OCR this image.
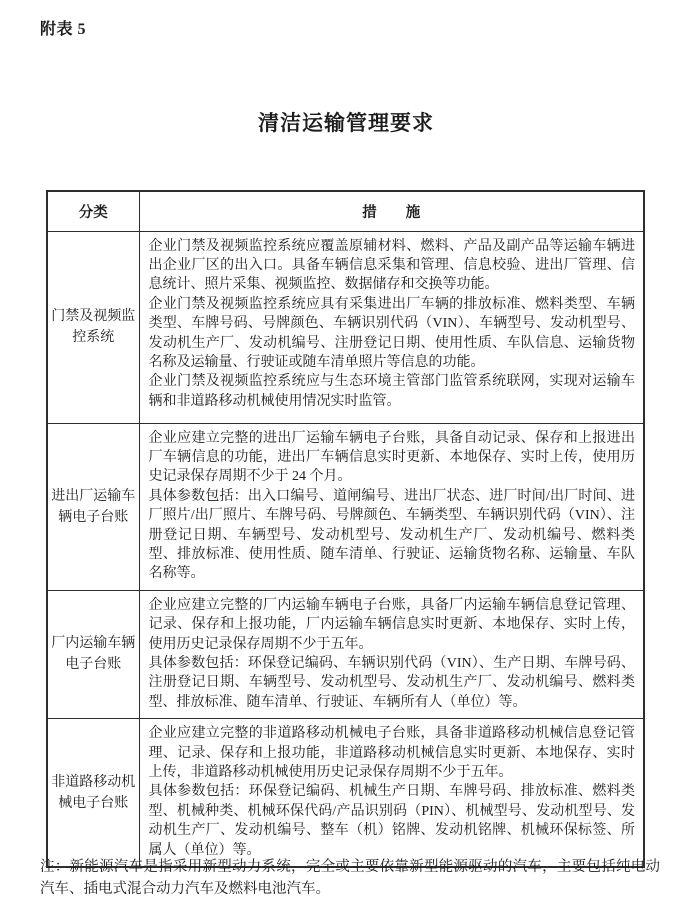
附表 5
清洁运输管理要求
分类	措　　施
门禁及视频监控系统	企业门禁及视频监控系统应覆盖原辅材料、燃料、产品及副产品等运输车辆进出企业厂区的出入口。具备车辆信息采集和管理、信息校验、进出厂管理、信息统计、照片采集、视频监控、数据储存和交换等功能。

企业门禁及视频监控系统应具有采集进出厂车辆的排放标准、燃料类型、车辆类型、车牌号码、号牌颜色、车辆识别代码（VIN）、车辆型号、发动机型号、发动机生产厂、发动机编号、注册登记日期、使用性质、车队信息、运输货物名称及运输量、行驶证或随车清单照片等信息的功能。

企业门禁及视频监控系统应与生态环境主管部门监管系统联网，实现对运输车辆和非道路移动机械使用情况实时监管。

进出厂运输车辆电子台账	企业应建立完整的进出厂运输车辆电子台账，具备自动记录、保存和上报进出厂车辆信息的功能，进出厂车辆信息实时更新、本地保存、实时上传，使用历史记录保存周期不少于 24 个月。

具体参数包括：出入口编号、道闸编号、进出厂状态、进厂时间/出厂时间、进厂照片/出厂照片、车牌号码、号牌颜色、车辆类型、车辆识别代码（VIN）、注册登记日期、车辆型号、发动机型号、发动机生产厂、发动机编号、燃料类型、排放标准、使用性质、随车清单、行驶证、运输货物名称、运输量、车队名称等。

厂内运输车辆电子台账	企业应建立完整的厂内运输车辆电子台账，具备厂内运输车辆信息登记管理、记录、保存和上报功能，厂内运输车辆信息实时更新、本地保存、实时上传，使用历史记录保存周期不少于五年。

具体参数包括：环保登记编码、车辆识别代码（VIN）、生产日期、车牌号码、注册登记日期、车辆型号、发动机型号、发动机生产厂、发动机编号、燃料类型、排放标准、随车清单、行驶证、车辆所有人（单位）等。

非道路移动机械电子台账	企业应建立完整的非道路移动机械电子台账，具备非道路移动机械信息登记管理、记录、保存和上报功能，非道路移动机械信息实时更新、本地保存、实时上传，非道路移动机械使用历史记录保存周期不少于五年。

具体参数包括：环保登记编码、机械生产日期、车牌号码、排放标准、燃料类型、机械种类、机械环保代码/产品识别码（PIN）、机械型号、发动机型号、发动机生产厂、发动机编号、整车（机）铭牌、发动机铭牌、机械环保标签、所属人（单位）等。

注：新能源汽车是指采用新型动力系统，完全或主要依靠新型能源驱动的汽车，主要包括纯电动汽车、插电式混合动力汽车及燃料电池汽车。
